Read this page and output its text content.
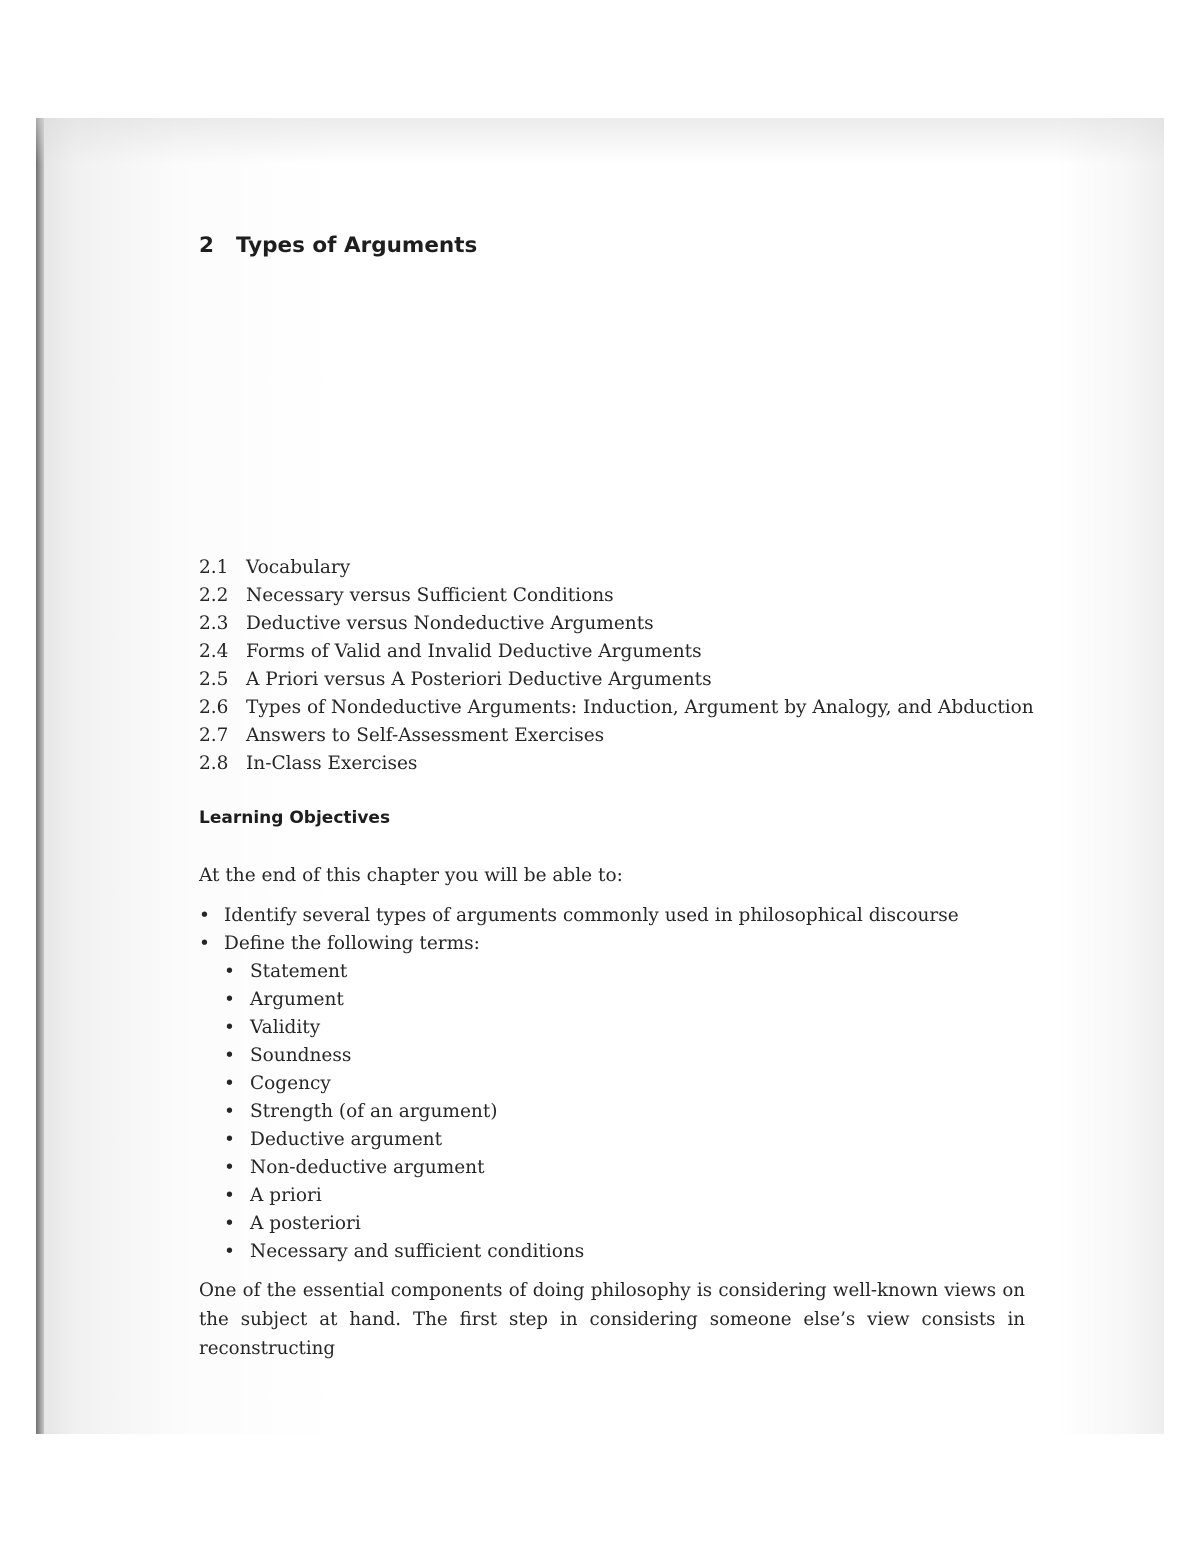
2 Types of Arguments
2.1 Vocabulary
2.2 Necessary versus Sufficient Conditions
2.3 Deductive versus Nondeductive Arguments
2.4 Forms of Valid and Invalid Deductive Arguments
2.5 A Priori versus A Posteriori Deductive Arguments
2.6 Types of Nondeductive Arguments: Induction, Argument by Analogy, and Abduction
2.7 Answers to Self-Assessment Exercises
2.8 In-Class Exercises
Learning Objectives

At the end of this chapter you will be able to:

• Identify several types of arguments commonly used in philosophical discourse
• Define the following terms:
• Statement
• Argument
• Validity
• Soundness
• Cogency
• Strength (of an argument)
• Deductive argument
• Non-deductive argument
• A priori
• A posteriori
• Necessary and sufficient conditions

One of the essential components of doing philosophy is considering well-known views on the subject at hand. The first step in considering someone else’s view consists in reconstructing
